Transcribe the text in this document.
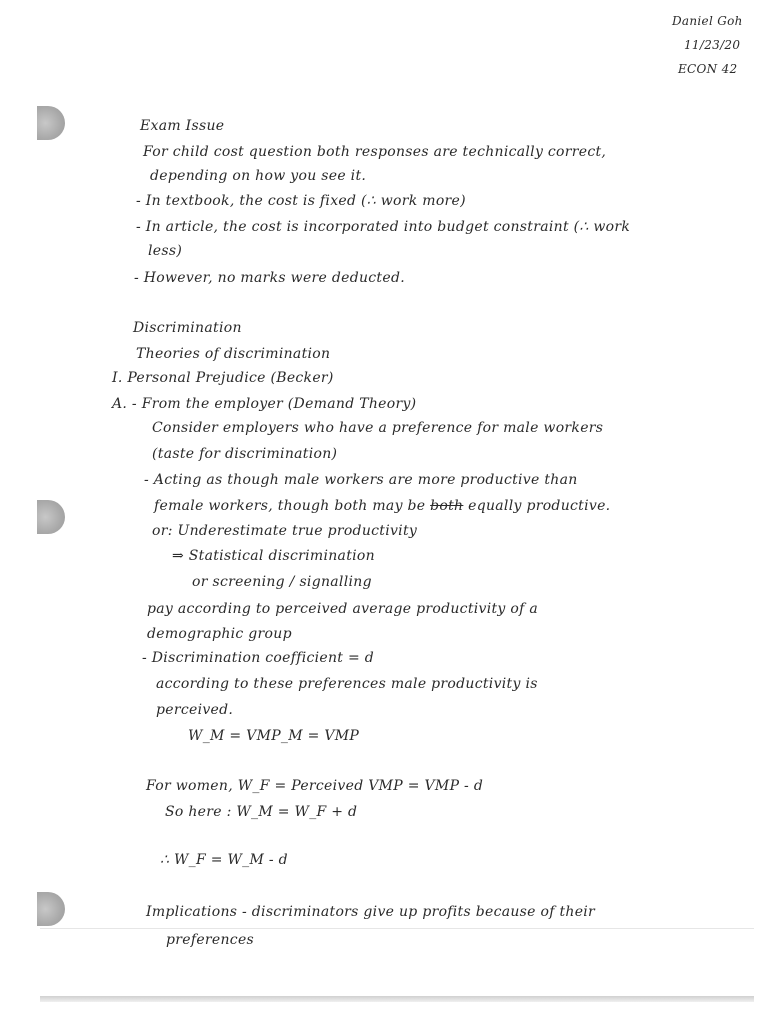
Daniel Goh
11/23/20
ECON 42
Exam Issue
For child cost question both responses are technically correct,
depending on how you see it.
- In textbook, the cost is fixed (∴ work more)
- In article, the cost is incorporated into budget constraint (∴ work
less)
- However, no marks were deducted.
Discrimination
Theories of discrimination
I. Personal Prejudice (Becker)
A. - From the employer (Demand Theory)
Consider employers who have a preference for male workers
(taste for discrimination)
- Acting as though male workers are more productive than
female workers, though both may be both equally productive.
or: Underestimate true productivity
⇒ Statistical discrimination
or screening / signalling
pay according to perceived average productivity of a
demographic group
- Discrimination coefficient = d
according to these preferences male productivity is
perceived.
W_M = VMP_M = VMP
For women, W_F = Perceived VMP = VMP - d
So here : W_M = W_F + d
∴ W_F = W_M - d
Implications - discriminators give up profits because of their
preferences
